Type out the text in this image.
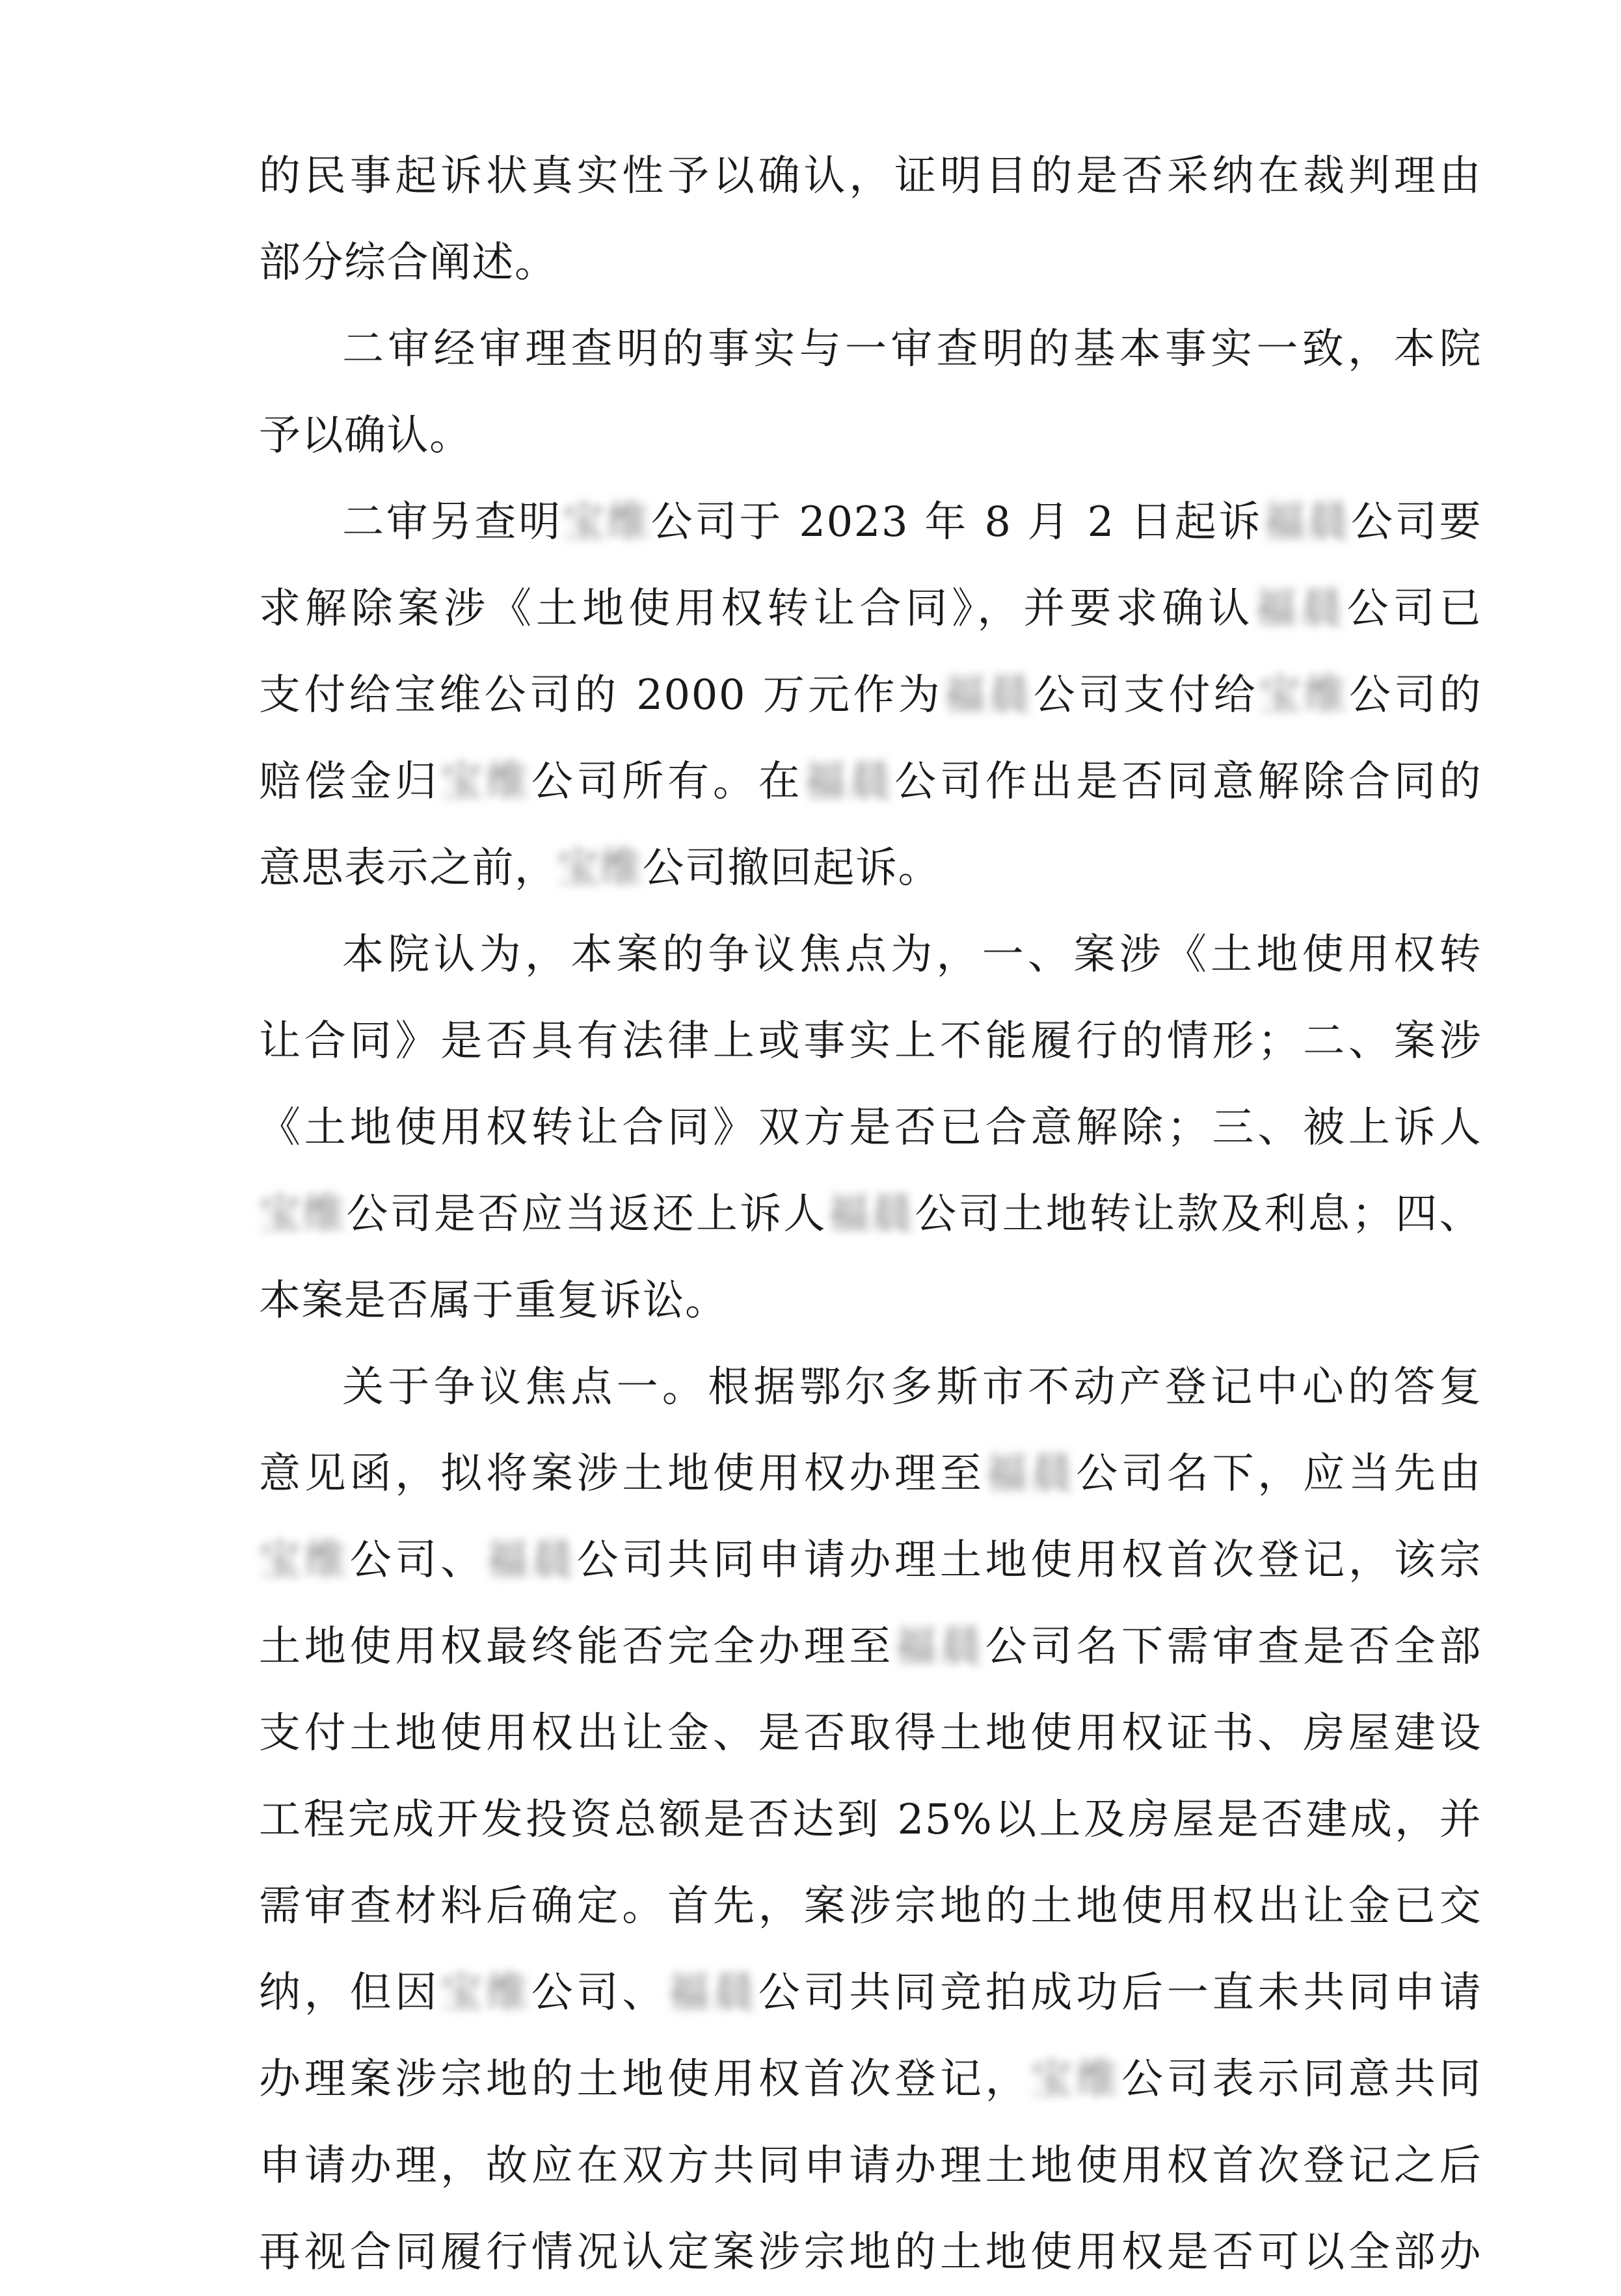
的民事起诉状真实性予以确认，证明目的是否采纳在裁判理由
部分综合阐述。
二审经审理查明的事实与一审查明的基本事实一致，本院
予以确认。
二审另查明宝维公司于 2023 年 8 月 2 日起诉福晨公司要
求解除案涉《土地使用权转让合同》，并要求确认福晨公司已
支付给宝维公司的 2000 万元作为福晨公司支付给宝维公司的
赔偿金归宝维公司所有。在福晨公司作出是否同意解除合同的
意思表示之前，宝维公司撤回起诉。
本院认为，本案的争议焦点为，一、案涉《土地使用权转
让合同》是否具有法律上或事实上不能履行的情形；二、案涉
《土地使用权转让合同》双方是否已合意解除；三、被上诉人
宝维公司是否应当返还上诉人福晨公司土地转让款及利息；四、
本案是否属于重复诉讼。
关于争议焦点一。根据鄂尔多斯市不动产登记中心的答复
意见函，拟将案涉土地使用权办理至福晨公司名下，应当先由
宝维公司、福晨公司共同申请办理土地使用权首次登记，该宗
土地使用权最终能否完全办理至福晨公司名下需审查是否全部
支付土地使用权出让金、是否取得土地使用权证书、房屋建设
工程完成开发投资总额是否达到 25%以上及房屋是否建成，并
需审查材料后确定。首先，案涉宗地的土地使用权出让金已交
纳，但因宝维公司、福晨公司共同竞拍成功后一直未共同申请
办理案涉宗地的土地使用权首次登记，宝维公司表示同意共同
申请办理，故应在双方共同申请办理土地使用权首次登记之后
再视合同履行情况认定案涉宗地的土地使用权是否可以全部办
